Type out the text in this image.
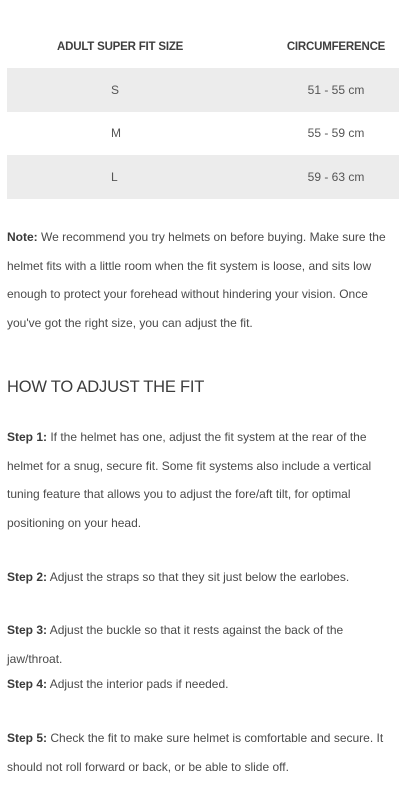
ADULT SUPER FIT SIZE	CIRCUMFERENCE
S	51 - 55 cm
M	55 - 59 cm
L	59 - 63 cm

Note: We recommend you try helmets on before buying. Make sure the helmet fits with a little room when the fit system is loose, and sits low enough to protect your forehead without hindering your vision. Once you've got the right size, you can adjust the fit.

HOW TO ADJUST THE FIT

Step 1: If the helmet has one, adjust the fit system at the rear of the helmet for a snug, secure fit. Some fit systems also include a vertical tuning feature that allows you to adjust the fore/aft tilt, for optimal positioning on your head.

Step 2: Adjust the straps so that they sit just below the earlobes.

Step 3: Adjust the buckle so that it rests against the back of the jaw/throat.

Step 4: Adjust the interior pads if needed.

Step 5: Check the fit to make sure helmet is comfortable and secure. It should not roll forward or back, or be able to slide off.
